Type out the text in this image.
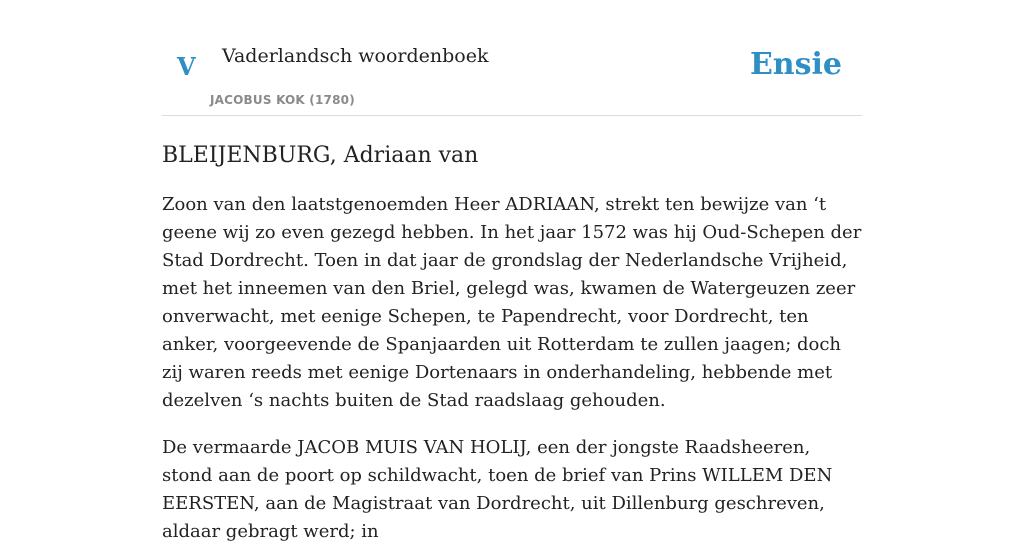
V Vaderlandsch woordenboek
JACOBUS KOK (1780)
Ensie
BLEIJENBURG, Adriaan van

Zoon van den laatstgenoemden Heer ADRIAAN, strekt ten bewijze van ‘t geene wij zo even gezegd hebben. In het jaar 1572 was hij Oud-Schepen der Stad Dordrecht. Toen in dat jaar de grondslag der Nederlandsche Vrijheid, met het inneemen van den Briel, gelegd was, kwamen de Watergeuzen zeer onverwacht, met eenige Schepen, te Papendrecht, voor Dordrecht, ten anker, voorgeevende de Spanjaarden uit Rotterdam te zullen jaagen; doch zij waren reeds met eenige Dortenaars in onderhandeling, hebbende met dezelven ‘s nachts buiten de Stad raadslaag gehouden.

De vermaarde JACOB MUIS VAN HOLIJ, een der jongste Raadsheeren, stond aan de poort op schildwacht, toen de brief van Prins WILLEM DEN EERSTEN, aan de Magistraat van Dordrecht, uit Dillenburg geschreven, aldaar gebragt werd; in
